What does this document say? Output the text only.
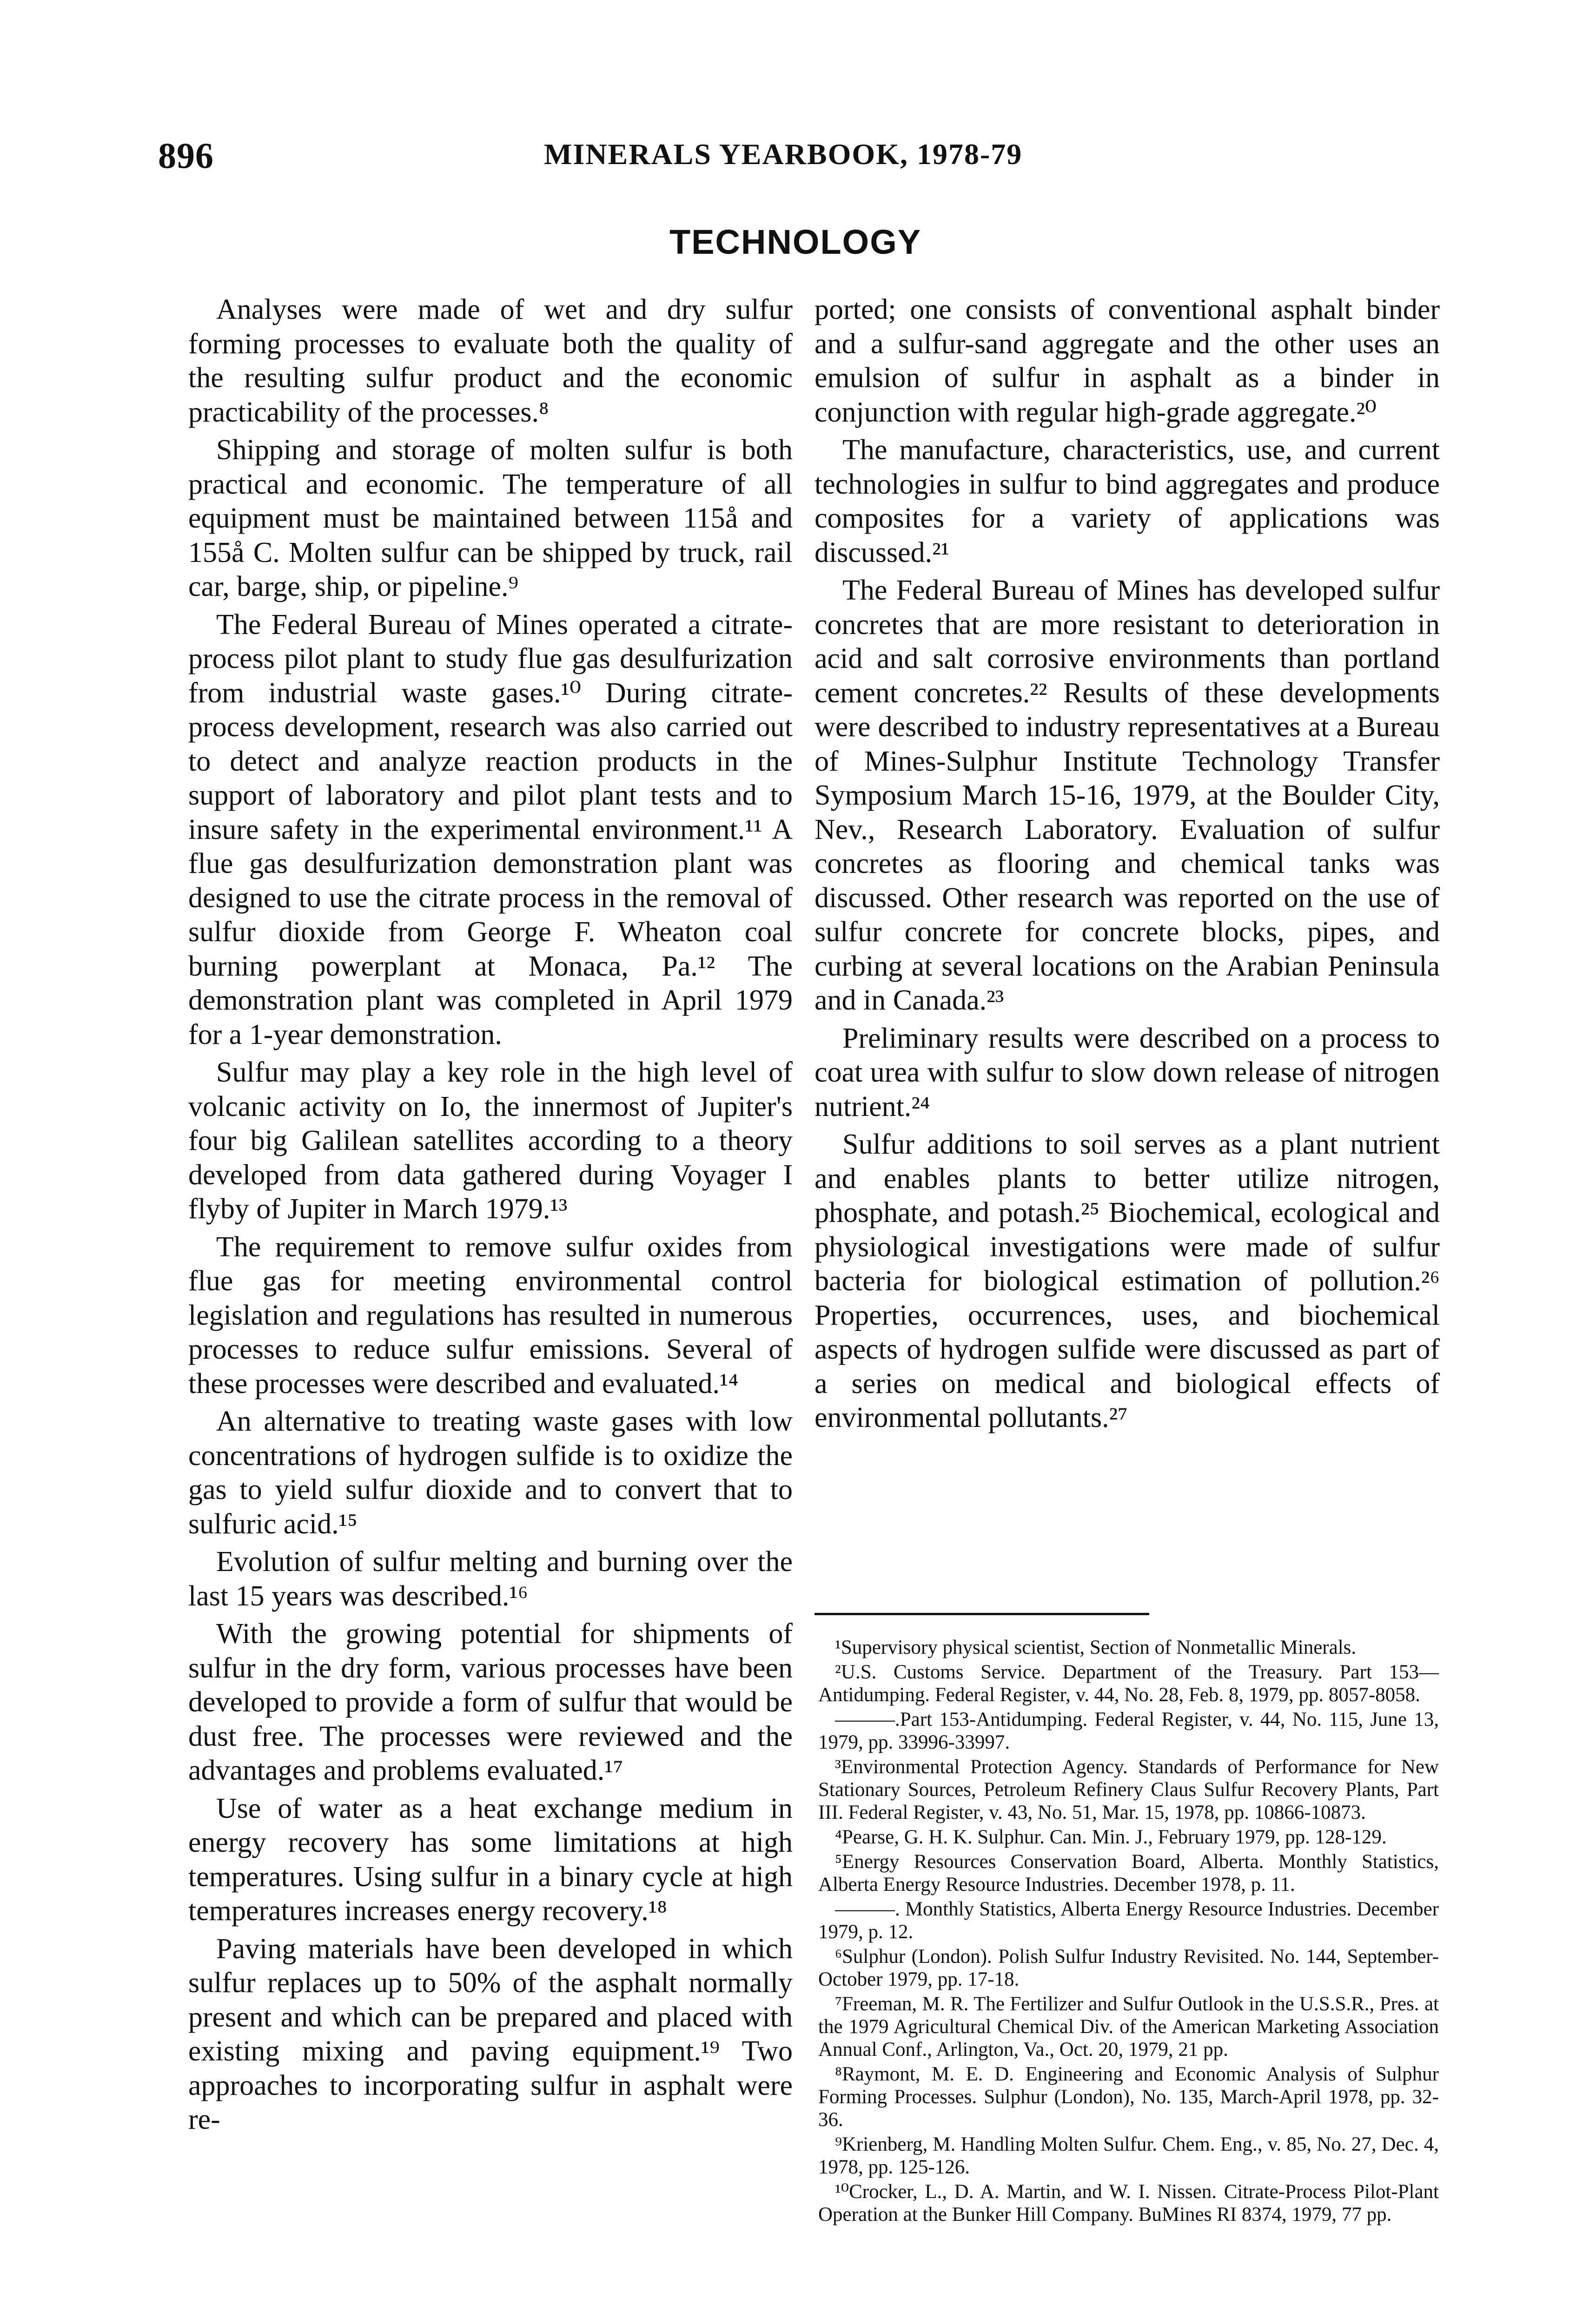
896	MINERALS YEARBOOK, 1978-79
TECHNOLOGY

Analyses were made of wet and dry sulfur forming processes to evaluate both the quality of the resulting sulfur product and the economic practicability of the processes.⁸

Shipping and storage of molten sulfur is both practical and economic. The temperature of all equipment must be maintained between 115å and 155å C. Molten sulfur can be shipped by truck, rail car, barge, ship, or pipeline.⁹

The Federal Bureau of Mines operated a citrate-process pilot plant to study flue gas desulfurization from industrial waste gases.¹⁰ During citrate-process development, research was also carried out to detect and analyze reaction products in the support of laboratory and pilot plant tests and to insure safety in the experimental environment.¹¹ A flue gas desulfurization demonstration plant was designed to use the citrate process in the removal of sulfur dioxide from George F. Wheaton coal burning powerplant at Monaca, Pa.¹² The demonstration plant was completed in April 1979 for a 1-year demonstration.

Sulfur may play a key role in the high level of volcanic activity on Io, the innermost of Jupiter's four big Galilean satellites according to a theory developed from data gathered during Voyager I flyby of Jupiter in March 1979.¹³

The requirement to remove sulfur oxides from flue gas for meeting environmental control legislation and regulations has resulted in numerous processes to reduce sulfur emissions. Several of these processes were described and evaluated.¹⁴

An alternative to treating waste gases with low concentrations of hydrogen sulfide is to oxidize the gas to yield sulfur dioxide and to convert that to sulfuric acid.¹⁵

Evolution of sulfur melting and burning over the last 15 years was described.¹⁶

With the growing potential for shipments of sulfur in the dry form, various processes have been developed to provide a form of sulfur that would be dust free. The processes were reviewed and the advantages and problems evaluated.¹⁷

Use of water as a heat exchange medium in energy recovery has some limitations at high temperatures. Using sulfur in a binary cycle at high temperatures increases energy recovery.¹⁸

Paving materials have been developed in which sulfur replaces up to 50% of the asphalt normally present and which can be prepared and placed with existing mixing and paving equipment.¹⁹ Two approaches to incorporating sulfur in asphalt were re-

ported; one consists of conventional asphalt binder and a sulfur-sand aggregate and the other uses an emulsion of sulfur in asphalt as a binder in conjunction with regular high-grade aggregate.²⁰

The manufacture, characteristics, use, and current technologies in sulfur to bind aggregates and produce composites for a variety of applications was discussed.²¹

The Federal Bureau of Mines has developed sulfur concretes that are more resistant to deterioration in acid and salt corrosive environments than portland cement concretes.²² Results of these developments were described to industry representatives at a Bureau of Mines-Sulphur Institute Technology Transfer Symposium March 15-16, 1979, at the Boulder City, Nev., Research Laboratory. Evaluation of sulfur concretes as flooring and chemical tanks was discussed. Other research was reported on the use of sulfur concrete for concrete blocks, pipes, and curbing at several locations on the Arabian Peninsula and in Canada.²³

Preliminary results were described on a process to coat urea with sulfur to slow down release of nitrogen nutrient.²⁴

Sulfur additions to soil serves as a plant nutrient and enables plants to better utilize nitrogen, phosphate, and potash.²⁵ Biochemical, ecological and physiological investigations were made of sulfur bacteria for biological estimation of pollution.²⁶ Properties, occurrences, uses, and biochemical aspects of hydrogen sulfide were discussed as part of a series on medical and biological effects of environmental pollutants.²⁷

¹Supervisory physical scientist, Section of Nonmetallic Minerals.

²U.S. Customs Service. Department of the Treasury. Part 153—Antidumping. Federal Register, v. 44, No. 28, Feb. 8, 1979, pp. 8057-8058.

———.Part 153-Antidumping. Federal Register, v. 44, No. 115, June 13, 1979, pp. 33996-33997.

³Environmental Protection Agency. Standards of Performance for New Stationary Sources, Petroleum Refinery Claus Sulfur Recovery Plants, Part III. Federal Register, v. 43, No. 51, Mar. 15, 1978, pp. 10866-10873.

⁴Pearse, G. H. K. Sulphur. Can. Min. J., February 1979, pp. 128-129.

⁵Energy Resources Conservation Board, Alberta. Monthly Statistics, Alberta Energy Resource Industries. December 1978, p. 11.

———. Monthly Statistics, Alberta Energy Resource Industries. December 1979, p. 12.

⁶Sulphur (London). Polish Sulfur Industry Revisited. No. 144, September-October 1979, pp. 17-18.

⁷Freeman, M. R. The Fertilizer and Sulfur Outlook in the U.S.S.R., Pres. at the 1979 Agricultural Chemical Div. of the American Marketing Association Annual Conf., Arlington, Va., Oct. 20, 1979, 21 pp.

⁸Raymont, M. E. D. Engineering and Economic Analysis of Sulphur Forming Processes. Sulphur (London), No. 135, March-April 1978, pp. 32-36.

⁹Krienberg, M. Handling Molten Sulfur. Chem. Eng., v. 85, No. 27, Dec. 4, 1978, pp. 125-126.

¹⁰Crocker, L., D. A. Martin, and W. I. Nissen. Citrate-Process Pilot-Plant Operation at the Bunker Hill Company. BuMines RI 8374, 1979, 77 pp.
